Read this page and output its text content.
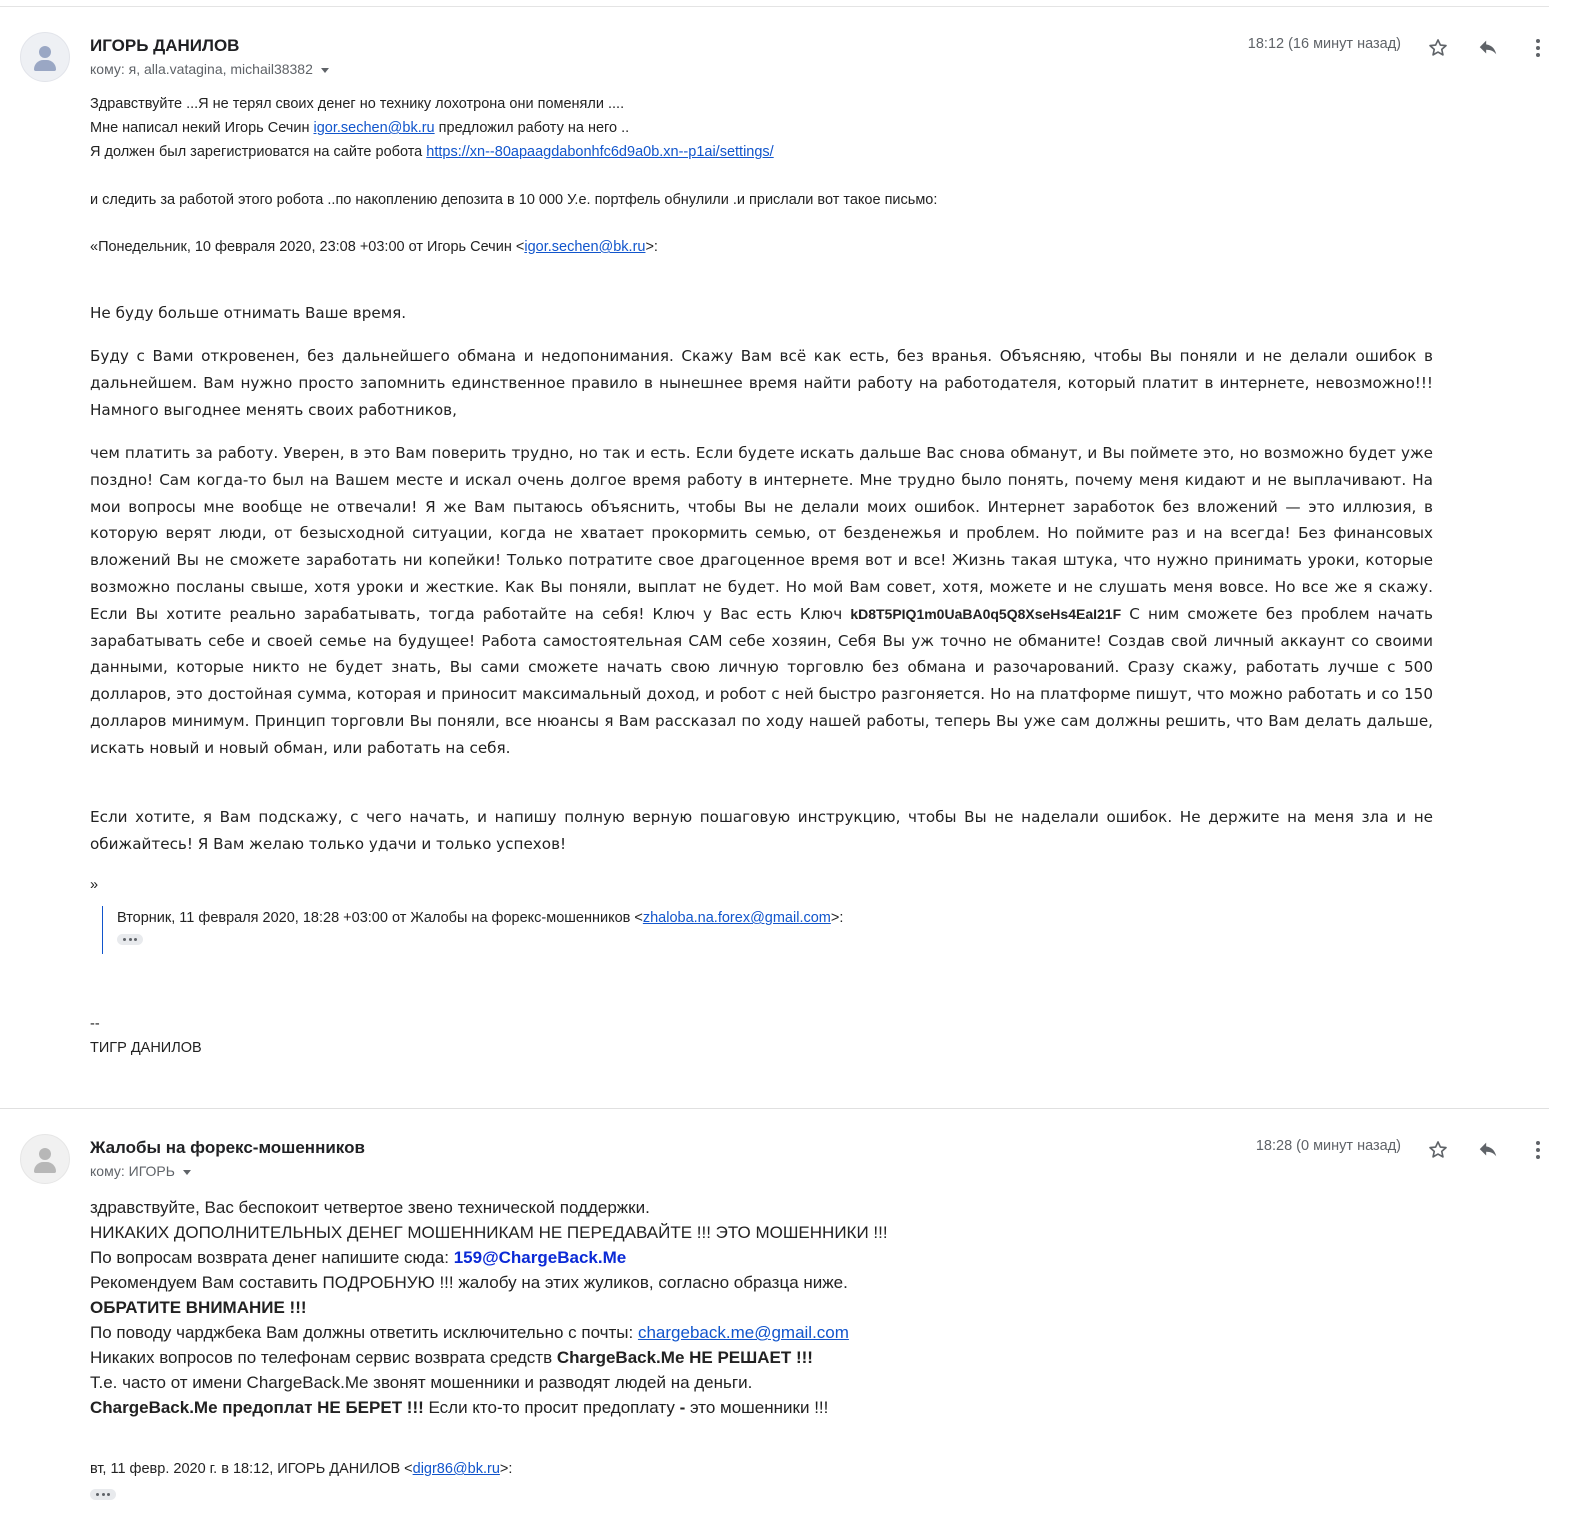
ИГОРЬ ДАНИЛОВ
кому: я, alla.vatagina, michail38382
18:12 (16 минут назад)
Здравствуйте ...Я не терял своих денег но технику лохотрона они поменяли ....
Мне написал некий Игорь Сечин igor.sechen@bk.ru предложил работу на него ..
Я должен был зарегистриоватся на сайте робота https://xn--80apaagdabonhfc6d9a0b.xn--p1ai/settings/
и следить за работой этого робота ..по накоплению депозита в 10 000 У.е. портфель обнулили .и прислали вот такое письмо:
«Понедельник, 10 февраля 2020, 23:08 +03:00 от Игорь Сечин <igor.sechen@bk.ru>:
Не буду больше отнимать Ваше время.
Буду с Вами откровенен, без дальнейшего обмана и недопонимания. Скажу Вам всё как есть, без вранья. Объясняю, чтобы Вы поняли и не делали ошибок в дальнейшем. Вам нужно просто запомнить единственное правило в нынешнее время найти работу на работодателя, который платит в интернете, невозможно!!! Намного выгоднее менять своих работников,
чем платить за работу. Уверен, в это Вам поверить трудно, но так и есть. Если будете искать дальше Вас снова обманут, и Вы поймете это, но возможно будет уже поздно! Сам когда-то был на Вашем месте и искал очень долгое время работу в интернете. Мне трудно было понять, почему меня кидают и не выплачивают. На мои вопросы мне вообще не отвечали! Я же Вам пытаюсь объяснить, чтобы Вы не делали моих ошибок. Интернет заработок без вложений — это иллюзия, в которую верят люди, от безысходной ситуации, когда не хватает прокормить семью, от безденежья и проблем. Но поймите раз и на всегда! Без финансовых вложений Вы не сможете заработать ни копейки! Только потратите свое драгоценное время вот и все! Жизнь такая штука, что нужно принимать уроки, которые возможно посланы свыше, хотя уроки и жесткие. Как Вы поняли, выплат не будет. Но мой Вам совет, хотя, можете и не слушать меня вовсе. Но все же я скажу. Если Вы хотите реально зарабатывать, тогда работайте на себя! Ключ у Вас есть Ключ kD8T5PIQ1m0UaBA0q5Q8XseHs4EaI21F С ним сможете без проблем начать зарабатывать себе и своей семье на будущее! Работа самостоятельная САМ себе хозяин, Себя Вы уж точно не обманите! Создав свой личный аккаунт со своими данными, которые никто не будет знать, Вы сами сможете начать свою личную торговлю без обмана и разочарований. Сразу скажу, работать лучше с 500 долларов, это достойная сумма, которая и приносит максимальный доход, и робот с ней быстро разгоняется. Но на платформе пишут, что можно работать и со 150 долларов минимум. Принцип торговли Вы поняли, все нюансы я Вам рассказал по ходу нашей работы, теперь Вы уже сам должны решить, что Вам делать дальше, искать новый и новый обман, или работать на себя.
Если хотите, я Вам подскажу, с чего начать, и напишу полную верную пошаговую инструкцию, чтобы Вы не наделали ошибок. Не держите на меня зла и не обижайтесь! Я Вам желаю только удачи и только успехов!
»
Вторник, 11 февраля 2020, 18:28 +03:00 от Жалобы на форекс-мошенников <zhaloba.na.forex@gmail.com>:
--
ТИГР ДАНИЛОВ
Жалобы на форекс-мошенников
кому: ИГОРЬ
18:28 (0 минут назад)
здравствуйте, Вас беспокоит четвертое звено технической поддержки.
НИКАКИХ ДОПОЛНИТЕЛЬНЫХ ДЕНЕГ МОШЕННИКАМ НЕ ПЕРЕДАВАЙТЕ !!! ЭТО МОШЕННИКИ !!!
По вопросам возврата денег напишите сюда: 159@ChargeBack.Me
Рекомендуем Вам составить ПОДРОБНУЮ !!! жалобу на этих жуликов, согласно образца ниже.
ОБРАТИТЕ ВНИМАНИЕ !!!
По поводу чарджбека Вам должны ответить исключительно с почты: chargeback.me@gmail.com
Никаких вопросов по телефонам сервис возврата средств ChargeBack.Me НЕ РЕШАЕТ !!!
Т.е. часто от имени ChargeBack.Me звонят мошенники и разводят людей на деньги.
ChargeBack.Me предоплат НЕ БЕРЕТ !!! Если кто-то просит предоплату - это мошенники !!!
вт, 11 февр. 2020 г. в 18:12, ИГОРЬ ДАНИЛОВ <digr86@bk.ru>:
